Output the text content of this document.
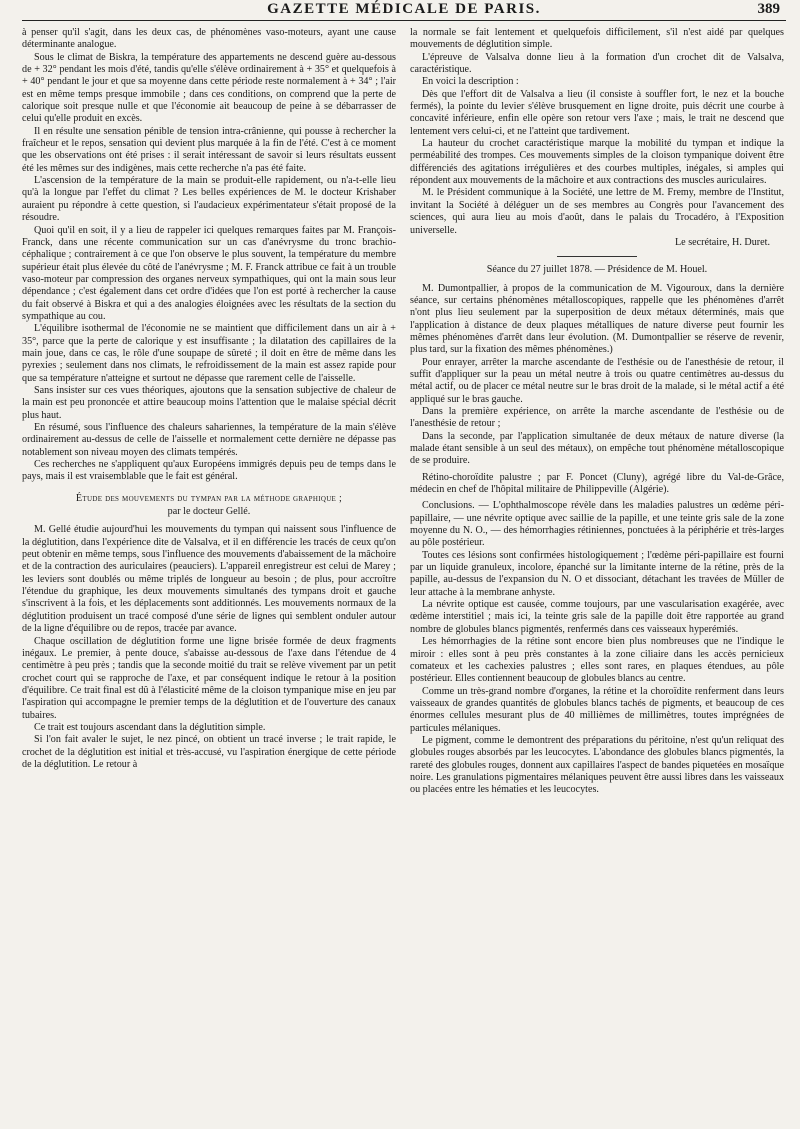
GAZETTE MÉDICALE DE PARIS.	389

à penser qu'il s'agit, dans les deux cas, de phénomènes vaso-moteurs, ayant une cause déterminante analogue.

Sous le climat de Biskra, la température des appartements ne descend guère au-dessous de + 32° pendant les mois d'été, tandis qu'elle s'élève ordinairement à + 35° et quelquefois à + 40° pendant le jour et que sa moyenne dans cette période reste normalement à + 34° ; l'air est en même temps presque immobile ; dans ces conditions, on comprend que la perte de calorique soit presque nulle et que l'économie ait beaucoup de peine à se débarrasser de celui qu'elle produit en excès.

Il en résulte une sensation pénible de tension intra-crânienne, qui pousse à rechercher la fraîcheur et le repos, sensation qui devient plus marquée à la fin de l'été. C'est à ce moment que les observations ont été prises : il serait intéressant de savoir si leurs résultats eussent été les mêmes sur des indigènes, mais cette recherche n'a pas été faite.

L'ascension de la température de la main se produit-elle rapidement, ou n'a-t-elle lieu qu'à la longue par l'effet du climat ? Les belles expériences de M. le docteur Krishaber auraient pu répondre à cette question, si l'audacieux expérimentateur s'était proposé de la résoudre.

Quoi qu'il en soit, il y a lieu de rappeler ici quelques remarques faites par M. François-Franck, dans une récente communication sur un cas d'anévrysme du tronc brachio-céphalique ; contrairement à ce que l'on observe le plus souvent, la température du membre supérieur était plus élevée du côté de l'anévrysme ; M. F. Franck attribue ce fait à un trouble vaso-moteur par compression des organes nerveux sympathiques, qui ont la main sous leur dépendance ; c'est également dans cet ordre d'idées que l'on est porté à rechercher la cause du fait observé à Biskra et qui a des analogies éloignées avec les résultats de la section du sympathique au cou.

L'équilibre isothermal de l'économie ne se maintient que difficilement dans un air à + 35°, parce que la perte de calorique y est insuffisante ; la dilatation des capillaires de la main joue, dans ce cas, le rôle d'une soupape de sûreté ; il doit en être de même dans les pyrexies ; seulement dans nos climats, le refroidissement de la main est assez rapide pour que sa température n'atteigne et surtout ne dépasse que rarement celle de l'aisselle.

Sans insister sur ces vues théoriques, ajoutons que la sensation subjective de chaleur de la main est peu prononcée et attire beaucoup moins l'attention que le malaise spécial décrit plus haut.

En résumé, sous l'influence des chaleurs sahariennes, la température de la main s'élève ordinairement au-dessus de celle de l'aisselle et normalement cette dernière ne dépasse pas notablement son niveau moyen des climats tempérés.

Ces recherches ne s'appliquent qu'aux Européens immigrés depuis peu de temps dans le pays, mais il est vraisemblable que le fait est général.

Étude des mouvements du tympan par la méthode graphique ;

par le docteur Gellé.

M. Gellé étudie aujourd'hui les mouvements du tympan qui naissent sous l'influence de la déglutition, dans l'expérience dite de Valsalva, et il en différencie les tracés de ceux qu'on peut obtenir en même temps, sous l'influence des mouvements d'abaissement de la mâchoire et de la contraction des auriculaires (peauciers). L'appareil enregistreur est celui de Marey ; les leviers sont doublés ou même triplés de longueur au besoin ; de plus, pour accroître l'étendue du graphique, les deux mouvements simultanés des tympans droit et gauche s'inscrivent à la fois, et les déplacements sont additionnés. Les mouvements normaux de la déglutition produisent un tracé composé d'une série de lignes qui semblent onduler autour de la ligne d'équilibre ou de repos, tracée par avance.

Chaque oscillation de déglutition forme une ligne brisée formée de deux fragments inégaux. Le premier, à pente douce, s'abaisse au-dessous de l'axe dans l'étendue de 4 centimètre à peu près ; tandis que la seconde moitié du trait se relève vivement par un petit crochet court qui se rapproche de l'axe, et par conséquent indique le retour à la position d'équilibre. Ce trait final est dû à l'élasticité même de la cloison tympanique mise en jeu par l'aspiration qui accompagne le premier temps de la déglutition et de l'ouverture des canaux tubaires.

Ce trait est toujours ascendant dans la déglutition simple.

Si l'on fait avaler le sujet, le nez pincé, on obtient un tracé inverse ; le trait rapide, le crochet de la déglutition est initial et très-accusé, vu l'aspiration énergique de cette période de la déglutition. Le retour à

la normale se fait lentement et quelquefois difficilement, s'il n'est aidé par quelques mouvements de déglutition simple.

L'épreuve de Valsalva donne lieu à la formation d'un crochet dit de Valsalva, caractéristique.

En voici la description :

Dès que l'effort dit de Valsalva a lieu (il consiste à souffler fort, le nez et la bouche fermés), la pointe du levier s'élève brusquement en ligne droite, puis décrit une courbe à concavité inférieure, enfin elle opère son retour vers l'axe ; mais, le trait ne descend que lentement vers celui-ci, et ne l'atteint que tardivement.

La hauteur du crochet caractéristique marque la mobilité du tympan et indique la perméabilité des trompes. Ces mouvements simples de la cloison tympanique doivent être différenciés des agitations irrégulières et des courbes multiples, inégales, si amples qui répondent aux mouvements de la mâchoire et aux contractions des muscles auriculaires.

M. le Président communique à la Société, une lettre de M. Fremy, membre de l'Institut, invitant la Société à déléguer un de ses membres au Congrès pour l'avancement des sciences, qui aura lieu au mois d'août, dans le palais du Trocadéro, à l'Exposition universelle.

Le secrétaire, H. Duret.

Séance du 27 juillet 1878. — Présidence de M. Houel.

M. Dumontpallier, à propos de la communication de M. Vigouroux, dans la dernière séance, sur certains phénomènes métalloscopiques, rappelle que les phénomènes d'arrêt n'ont plus lieu seulement par la superposition de deux métaux déterminés, mais que l'application à distance de deux plaques métalliques de nature diverse peut fournir les mêmes phénomènes d'arrêt dans leur évolution. (M. Dumontpallier se réserve de revenir, plus tard, sur la fixation des mêmes phénomènes.)

Pour enrayer, arrêter la marche ascendante de l'esthésie ou de l'anesthésie de retour, il suffit d'appliquer sur la peau un métal neutre à trois ou quatre centimètres au-dessus du métal actif, ou de placer ce métal neutre sur le bras droit de la malade, si le métal actif a été appliqué sur le bras gauche.

Dans la première expérience, on arrête la marche ascendante de l'esthésie ou de l'anesthésie de retour ;

Dans la seconde, par l'application simultanée de deux métaux de nature diverse (la malade étant sensible à un seul des métaux), on empêche tout phénomène métalloscopique de se produire.

Rétino-choroïdite palustre ; par F. Poncet (Cluny), agrégé libre du Val-de-Grâce, médecin en chef de l'hôpital militaire de Philippeville (Algérie).

Conclusions. — L'ophthalmoscope révèle dans les maladies palustres un œdème péri-papillaire, — une névrite optique avec saillie de la papille, et une teinte gris sale de la zone moyenne du N. O., — des hémorrhagies rétiniennes, ponctuées à la périphérie et très-larges au pôle postérieur.

Toutes ces lésions sont confirmées histologiquement ; l'œdème péri-papillaire est fourni par un liquide granuleux, incolore, épanché sur la limitante interne de la rétine, près de la papille, au-dessus de l'expansion du N. O et dissociant, détachant les travées de Müller de leur attache à la membrane anhyste.

La névrite optique est causée, comme toujours, par une vascularisation exagérée, avec œdème interstitiel ; mais ici, la teinte gris sale de la papille doit être rapportée au grand nombre de globules blancs pigmentés, renfermés dans ces vaisseaux hyperémiés.

Les hémorrhagies de la rétine sont encore bien plus nombreuses que ne l'indique le miroir : elles sont à peu près constantes à la zone ciliaire dans les accès pernicieux comateux et les cachexies palustres ; elles sont rares, en plaques étendues, au pôle postérieur. Elles contiennent beaucoup de globules blancs au centre.

Comme un très-grand nombre d'organes, la rétine et la choroïdite renferment dans leurs vaisseaux de grandes quantités de globules blancs tachés de pigments, et beaucoup de ces énormes cellules mesurant plus de 40 millièmes de millimètres, toutes imprégnées de particules mélaniques.

Le pigment, comme le demontrent des préparations du péritoine, n'est qu'un reliquat des globules rouges absorbés par les leucocytes. L'abondance des globules blancs pigmentés, la rareté des globules rouges, donnent aux capillaires l'aspect de bandes piquetées en mosaïque noire. Les granulations pigmentaires mélaniques peuvent être aussi libres dans les vaisseaux ou placées entre les hématies et les leucocytes.
